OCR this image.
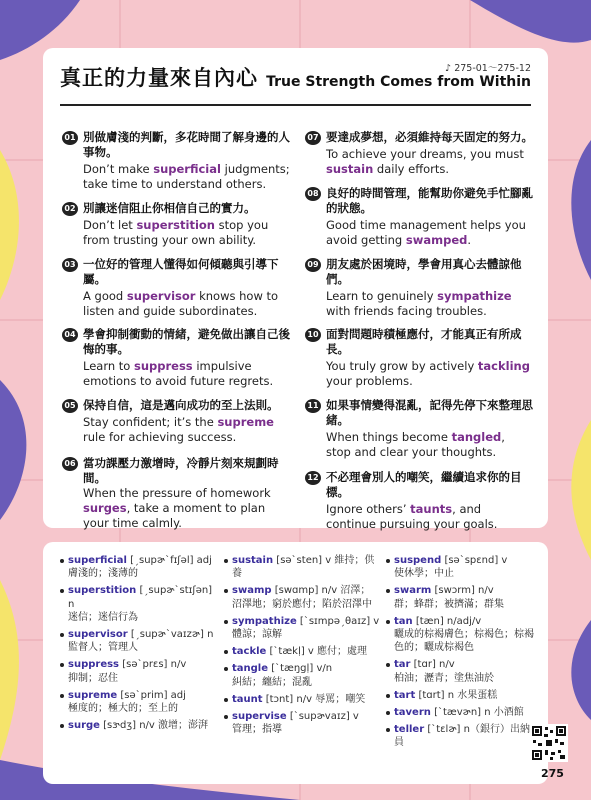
真正的力量來自內心	♪ 275-01～275-12
True Strength Comes from Within
01 別做膚淺的判斷，多花時間了解身邊的人事物。
Don’t make superficial judgments; take time to understand others.
02 別讓迷信阻止你相信自己的實力。
Don’t let superstition stop you from trusting your own ability.
03 一位好的管理人懂得如何傾聽與引導下屬。
A good supervisor knows how to listen and guide subordinates.
04 學會抑制衝動的情緒，避免做出讓自己後悔的事。
Learn to suppress impulsive emotions to avoid future regrets.
05 保持自信，這是邁向成功的至上法則。
Stay confident; it’s the supreme rule for achieving success.
06 當功課壓力激增時，冷靜片刻來規劃時間。
When the pressure of homework surges, take a moment to plan your time calmly.
07 要達成夢想，必須維持每天固定的努力。
To achieve your dreams, you must sustain daily efforts.
08 良好的時間管理，能幫助你避免手忙腳亂的狀態。
Good time management helps you avoid getting swamped.
09 朋友處於困境時，學會用真心去體諒他們。
Learn to genuinely sympathize with friends facing troubles.
10 面對問題時積極應付，才能真正有所成長。
You truly grow by actively tackling your problems.
11 如果事情變得混亂，記得先停下來整理思緒。
When things become tangled, stop and clear your thoughts.
12 不必理會別人的嘲笑，繼續追求你的目標。
Ignore others’ taunts, and continue pursuing your goals.
superficial [ˏsupɚˋfɪʃəl] adj
膚淺的；淺薄的
superstition [ˏsupɚˋstɪʃən] n
迷信；迷信行為
supervisor [ˏsupɚˋvaɪzɚ] n
監督人；管理人
suppress [səˋprɛs] n/v
抑制；忍住
supreme [səˋprim] adj
極度的；極大的；至上的
surge [sɝdʒ] n/v 激增；澎湃
sustain [səˋsten] v 維持；供養
swamp [swɑmp] n/v 沼澤；
沼澤地；窮於應付；陷於沼澤中
sympathize [ˋsɪmpəˏθaɪz] v
體諒；諒解
tackle [ˋtækḷ] v 應付；處理
tangle [ˋtæŋgḷ] v/n
糾結；纏結；混亂
taunt [tɔnt] n/v 辱罵；嘲笑
supervise [ˋsupɚvaɪz] v
管理；指導
suspend [səˋspɛnd] v
使休學；中止
swarm [swɔrm] n/v
群；蜂群；被擠滿；群集
tan [tæn] n/adj/v
曬成的棕褐膚色；棕褐色；棕褐色的；曬成棕褐色
tar [tɑr] n/v
柏油；瀝青；塗焦油於
tart [tɑrt] n 水果蛋糕
tavern [ˋtævɚn] n 小酒館
teller [ˋtɛlɚ] n（銀行）出納員
275
